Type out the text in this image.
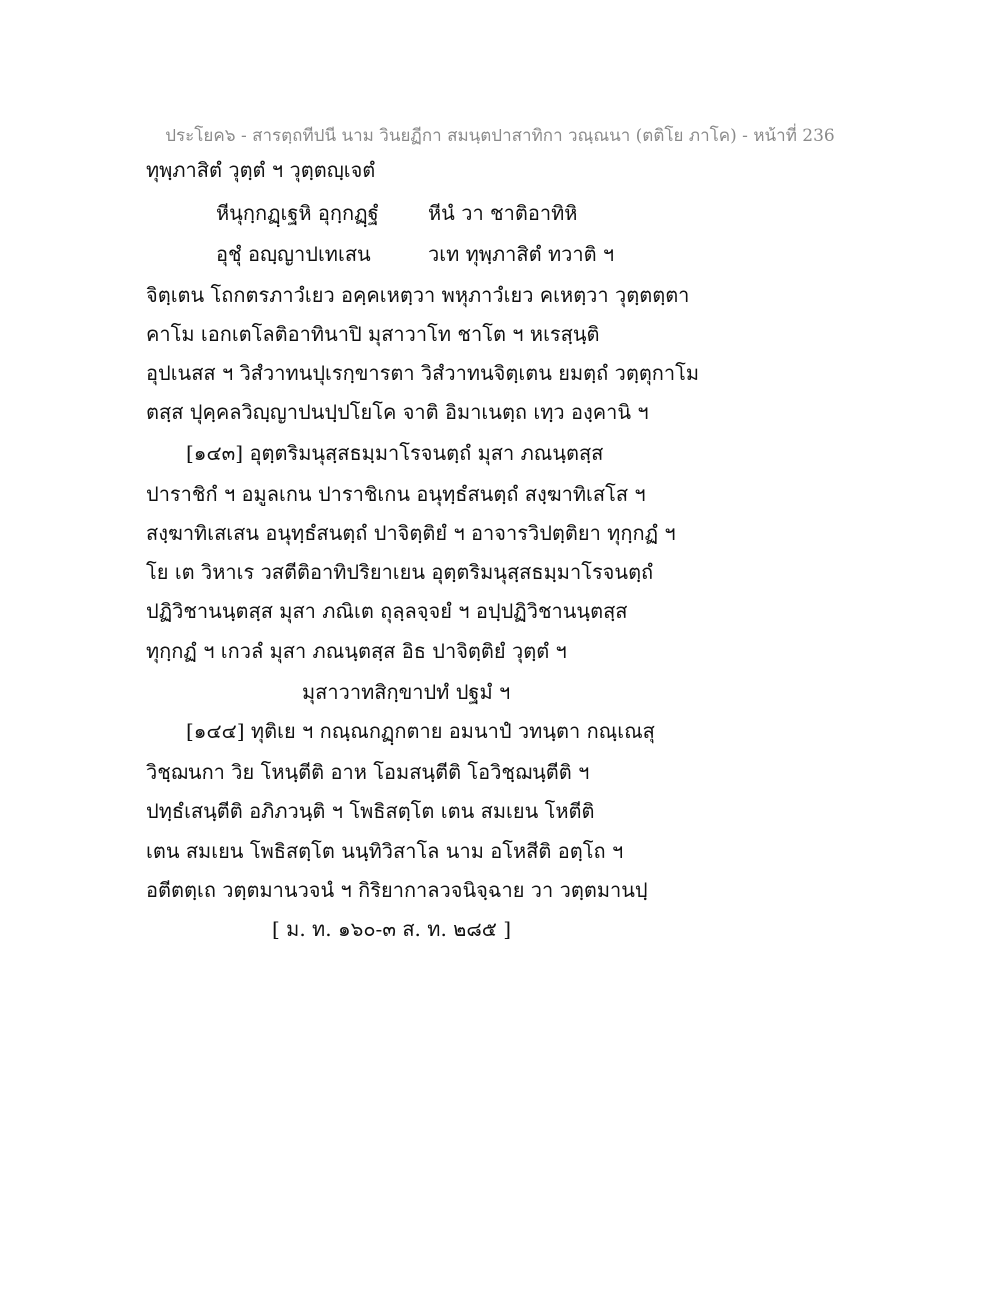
ประโยค๖ - สารตฺถทีปนี นาม วินยฏีกา สมนฺตปาสาทิกา วณฺณนา (ตติโย ภาโค) - หน้าที่ 236
ทุพฺภาสิตํ วุตฺตํ ฯ วุตฺตญฺเจตํ
หีนุกฺกฏฺเฐหิ อุกฺกฏฺฐํ หีนํ วา ชาติอาทิหิ
อุชุํ อญฺญาปเทเสน	วเท ทุพฺภาสิตํ ทวาติ ฯ
จิตฺเตน โถกตรภาวํเยว อคฺคเหตฺวา พหุภาวํเยว คเหตฺวา วุตฺตตฺตา
คาโม เอกเตโลติอาทินาปิ มุสาวาโท ชาโต ฯ หเรสฺนฺติ
อุปเนสส ฯ วิสํวาทนปุเรกฺขารตา วิสํวาทนจิตฺเตน ยมตฺถํ วตฺตุกาโม
ตสฺส ปุคฺคลวิญฺญาปนปฺปโยโค จาติ อิมาเนตฺถ เทฺว องฺคานิ ฯ
[๑๔๓] อุตฺตริมนุสฺสธมฺมาโรจนตฺถํ มุสา ภณนฺตสฺส
ปาราชิกํ ฯ อมูลเกน ปาราชิเกน อนุทฺธํสนตฺถํ สงฺฆาทิเสโส ฯ
สงฺฆาทิเสเสน อนุทฺธํสนตฺถํ ปาจิตฺติยํ ฯ อาจารวิปตฺติยา ทุกฺกฏํ ฯ
โย เต วิหาเร วสตีติอาทิปริยาเยน อุตฺตริมนุสฺสธมฺมาโรจนตฺถํ
ปฏิวิชานนฺตสฺส มุสา ภณิเต ถุลฺลจฺจยํ ฯ อปฺปฏิวิชานนฺตสฺส
ทุกฺกฏํ ฯ เกวลํ มุสา ภณนฺตสฺส อิธ ปาจิตฺติยํ วุตฺตํ ฯ
มุสาวาทสิกฺขาปทํ ปฐมํ ฯ
[๑๔๔] ทุติเย ฯ กณฺณกฏฺกตาย อมนาปํ วทนฺตา กณฺเณสุ
วิชฺฌนกา วิย โหนฺตีติ อาห โอมสนฺตีติ โอวิชฺฌนฺตีติ ฯ
ปทฺธํเสนฺตีติ อภิภวนฺติ ฯ โพธิสตฺโต เตน สมเยน โหตีติ
เตน สมเยน โพธิสตฺโต นนฺทิวิสาโล นาม อโหสีติ อตฺโถ ฯ
อตีตตฺเถ วตฺตมานวจนํ ฯ กิริยากาลวจนิจฺฉาย วา วตฺตมานปฺ
[ ม. ท. ๑๖๐-๓ ส. ท. ๒๘๕ ]
